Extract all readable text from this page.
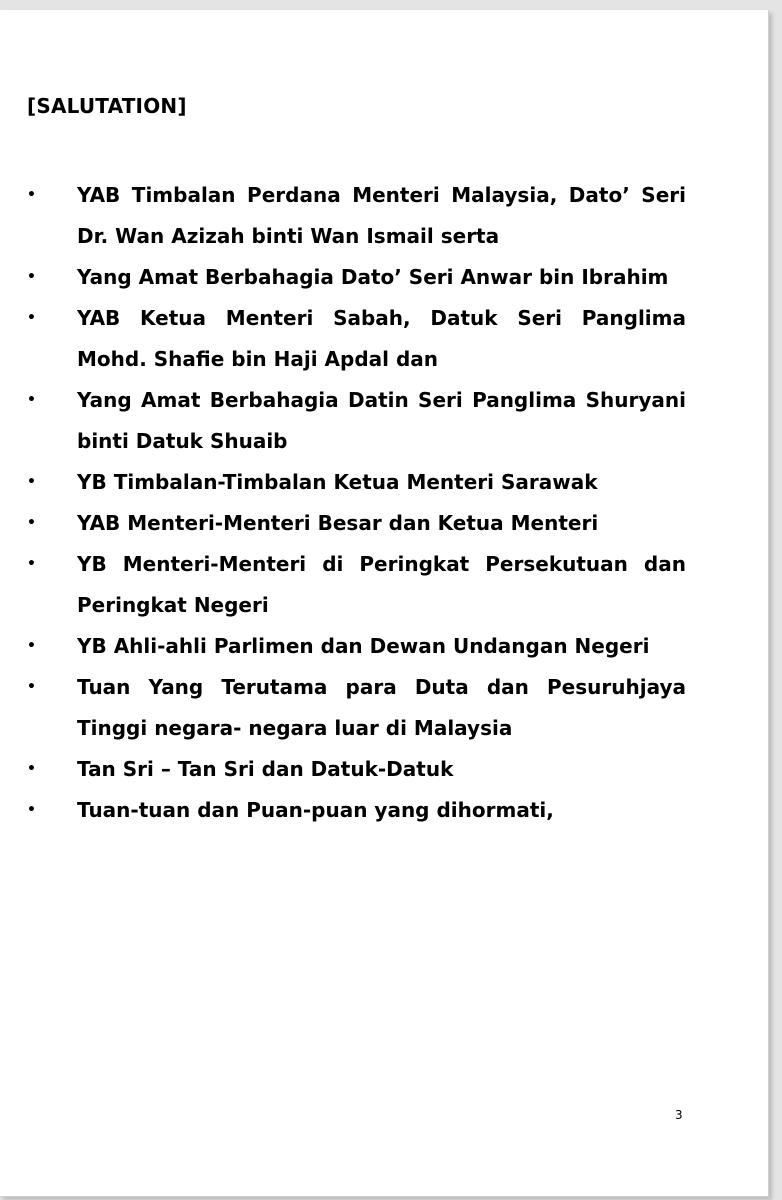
[SALUTATION]
• YAB Timbalan Perdana Menteri Malaysia, Dato’ Seri Dr. Wan Azizah binti Wan Ismail serta
• Yang Amat Berbahagia Dato’ Seri Anwar bin Ibrahim
• YAB Ketua Menteri Sabah, Datuk Seri Panglima Mohd. Shafie bin Haji Apdal dan
• Yang Amat Berbahagia Datin Seri Panglima Shuryani binti Datuk Shuaib
• YB Timbalan-Timbalan Ketua Menteri Sarawak
• YAB Menteri-Menteri Besar dan Ketua Menteri
• YB Menteri-Menteri di Peringkat Persekutuan dan Peringkat Negeri
• YB Ahli-ahli Parlimen dan Dewan Undangan Negeri
• Tuan Yang Terutama para Duta dan Pesuruhjaya Tinggi negara- negara luar di Malaysia
• Tan Sri – Tan Sri dan Datuk-Datuk
• Tuan-tuan dan Puan-puan yang dihormati,
3
